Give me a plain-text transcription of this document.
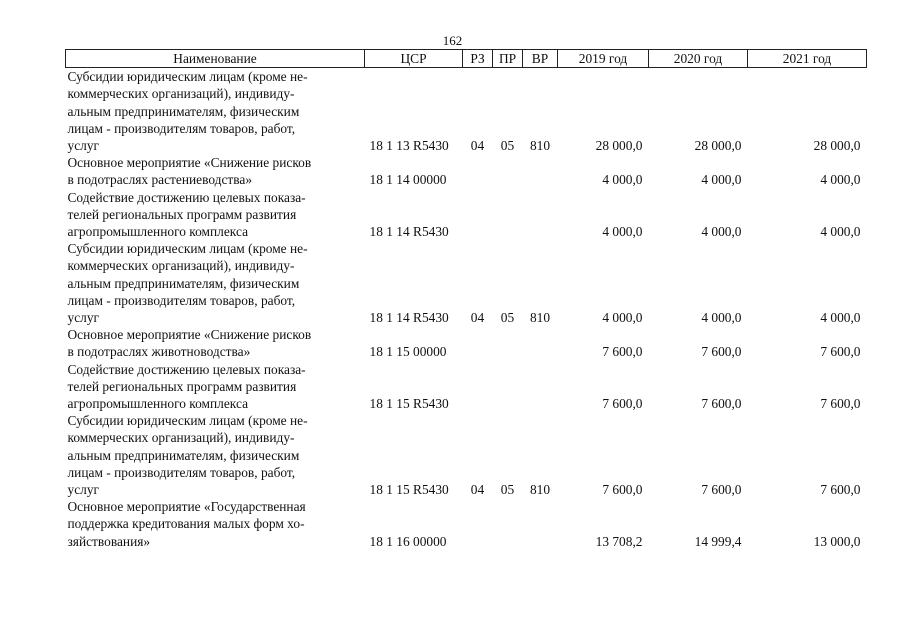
162
Наименование	ЦСР	РЗ	ПР	ВР	2019 год	2020 год	2021 год

Субсидии юридическим лицам (кроме не-
коммерческих организаций), индивиду-
альным предпринимателям, физическим
лицам - производителям товаров, работ,
услуг	18 1 13 R5430	04	05	810	28 000,0	28 000,0	28 000,0

Основное мероприятие «Снижение рисков
в подотраслях растениеводства»	18 1 14 00000				4 000,0	4 000,0	4 000,0

Содействие достижению целевых показа-
телей региональных программ развития
агропромышленного комплекса	18 1 14 R5430				4 000,0	4 000,0	4 000,0

Субсидии юридическим лицам (кроме не-
коммерческих организаций), индивиду-
альным предпринимателям, физическим
лицам - производителям товаров, работ,
услуг	18 1 14 R5430	04	05	810	4 000,0	4 000,0	4 000,0

Основное мероприятие «Снижение рисков
в подотраслях животноводства»	18 1 15 00000				7 600,0	7 600,0	7 600,0

Содействие достижению целевых показа-
телей региональных программ развития
агропромышленного комплекса	18 1 15 R5430				7 600,0	7 600,0	7 600,0

Субсидии юридическим лицам (кроме не-
коммерческих организаций), индивиду-
альным предпринимателям, физическим
лицам - производителям товаров, работ,
услуг	18 1 15 R5430	04	05	810	7 600,0	7 600,0	7 600,0

Основное мероприятие «Государственная
поддержка кредитования малых форм хо-
зяйствования»	18 1 16 00000				13 708,2	14 999,4	13 000,0
